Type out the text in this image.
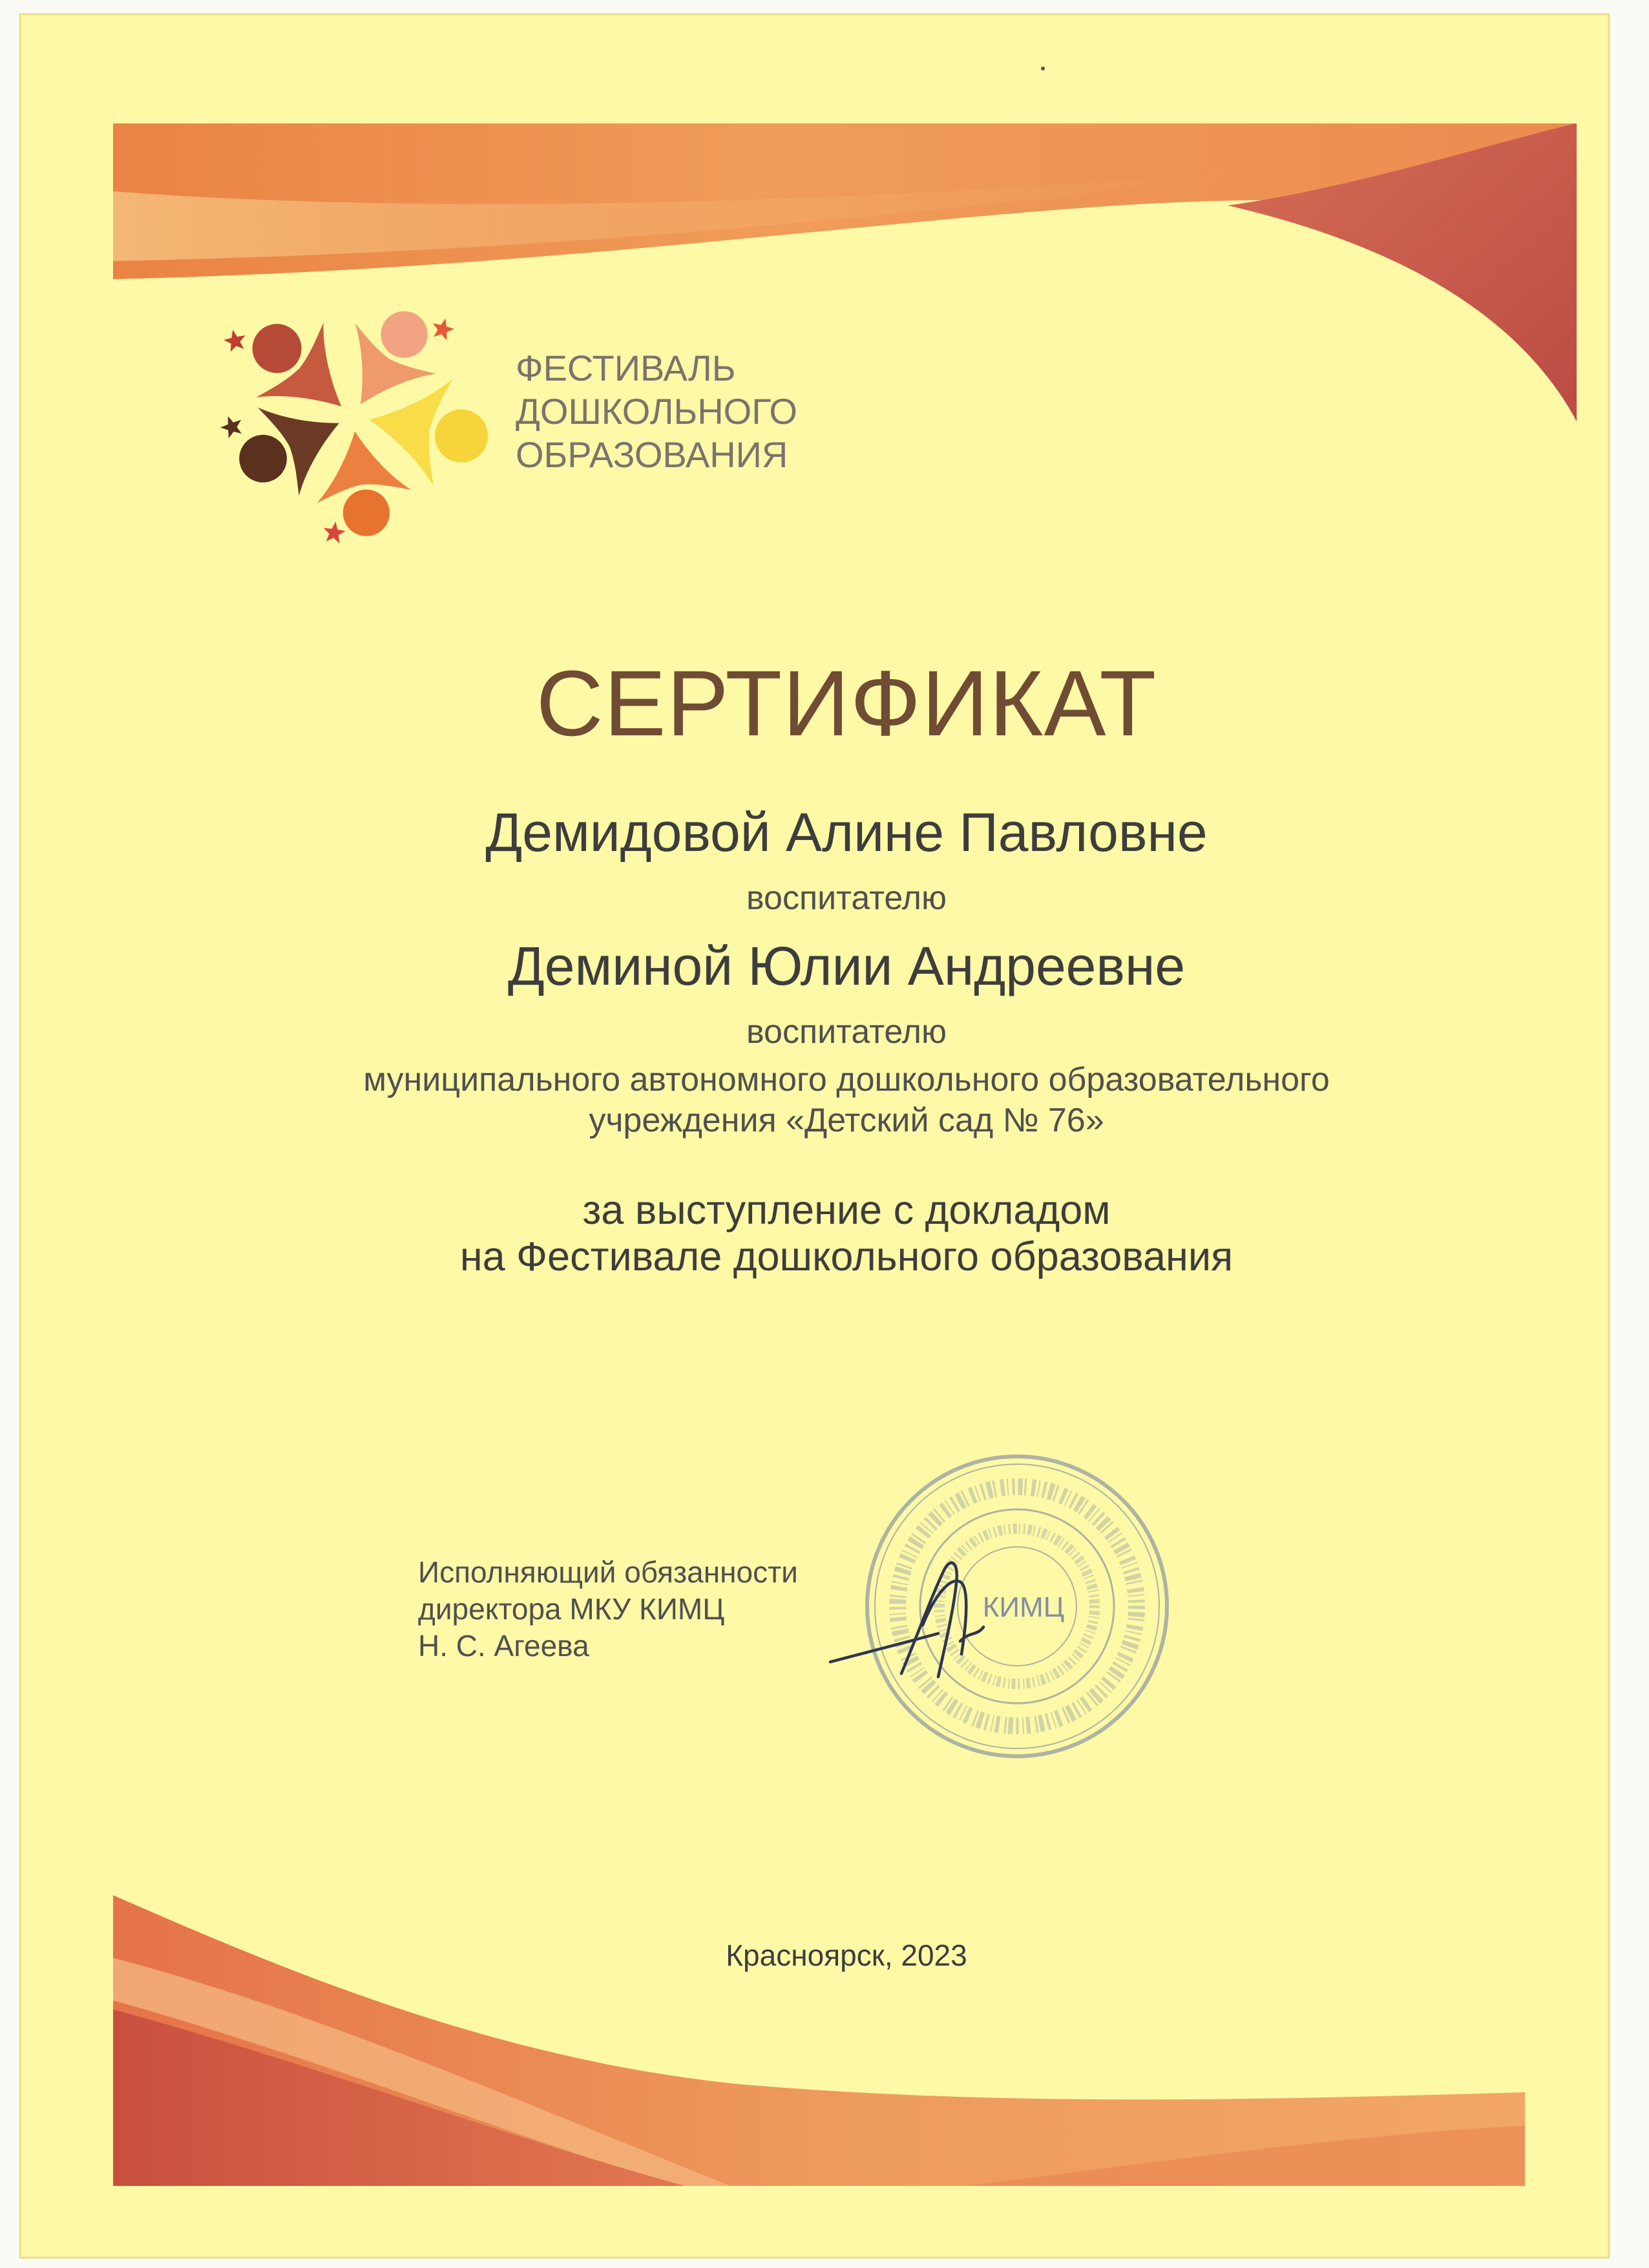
КИМЦ
ФЕСТИВАЛЬ
ДОШКОЛЬНОГО
ОБРАЗОВАНИЯ
СЕРТИФИКАТ
Демидовой Алине Павловне
воспитателю
Деминой Юлии Андреевне
воспитателю
муниципального автономного дошкольного образовательного
учреждения «Детский сад № 76»
за выступление с докладом
на Фестивале дошкольного образования
Красноярск, 2023
Исполняющий обязанности
директора МКУ КИМЦ
Н. С. Агеева
